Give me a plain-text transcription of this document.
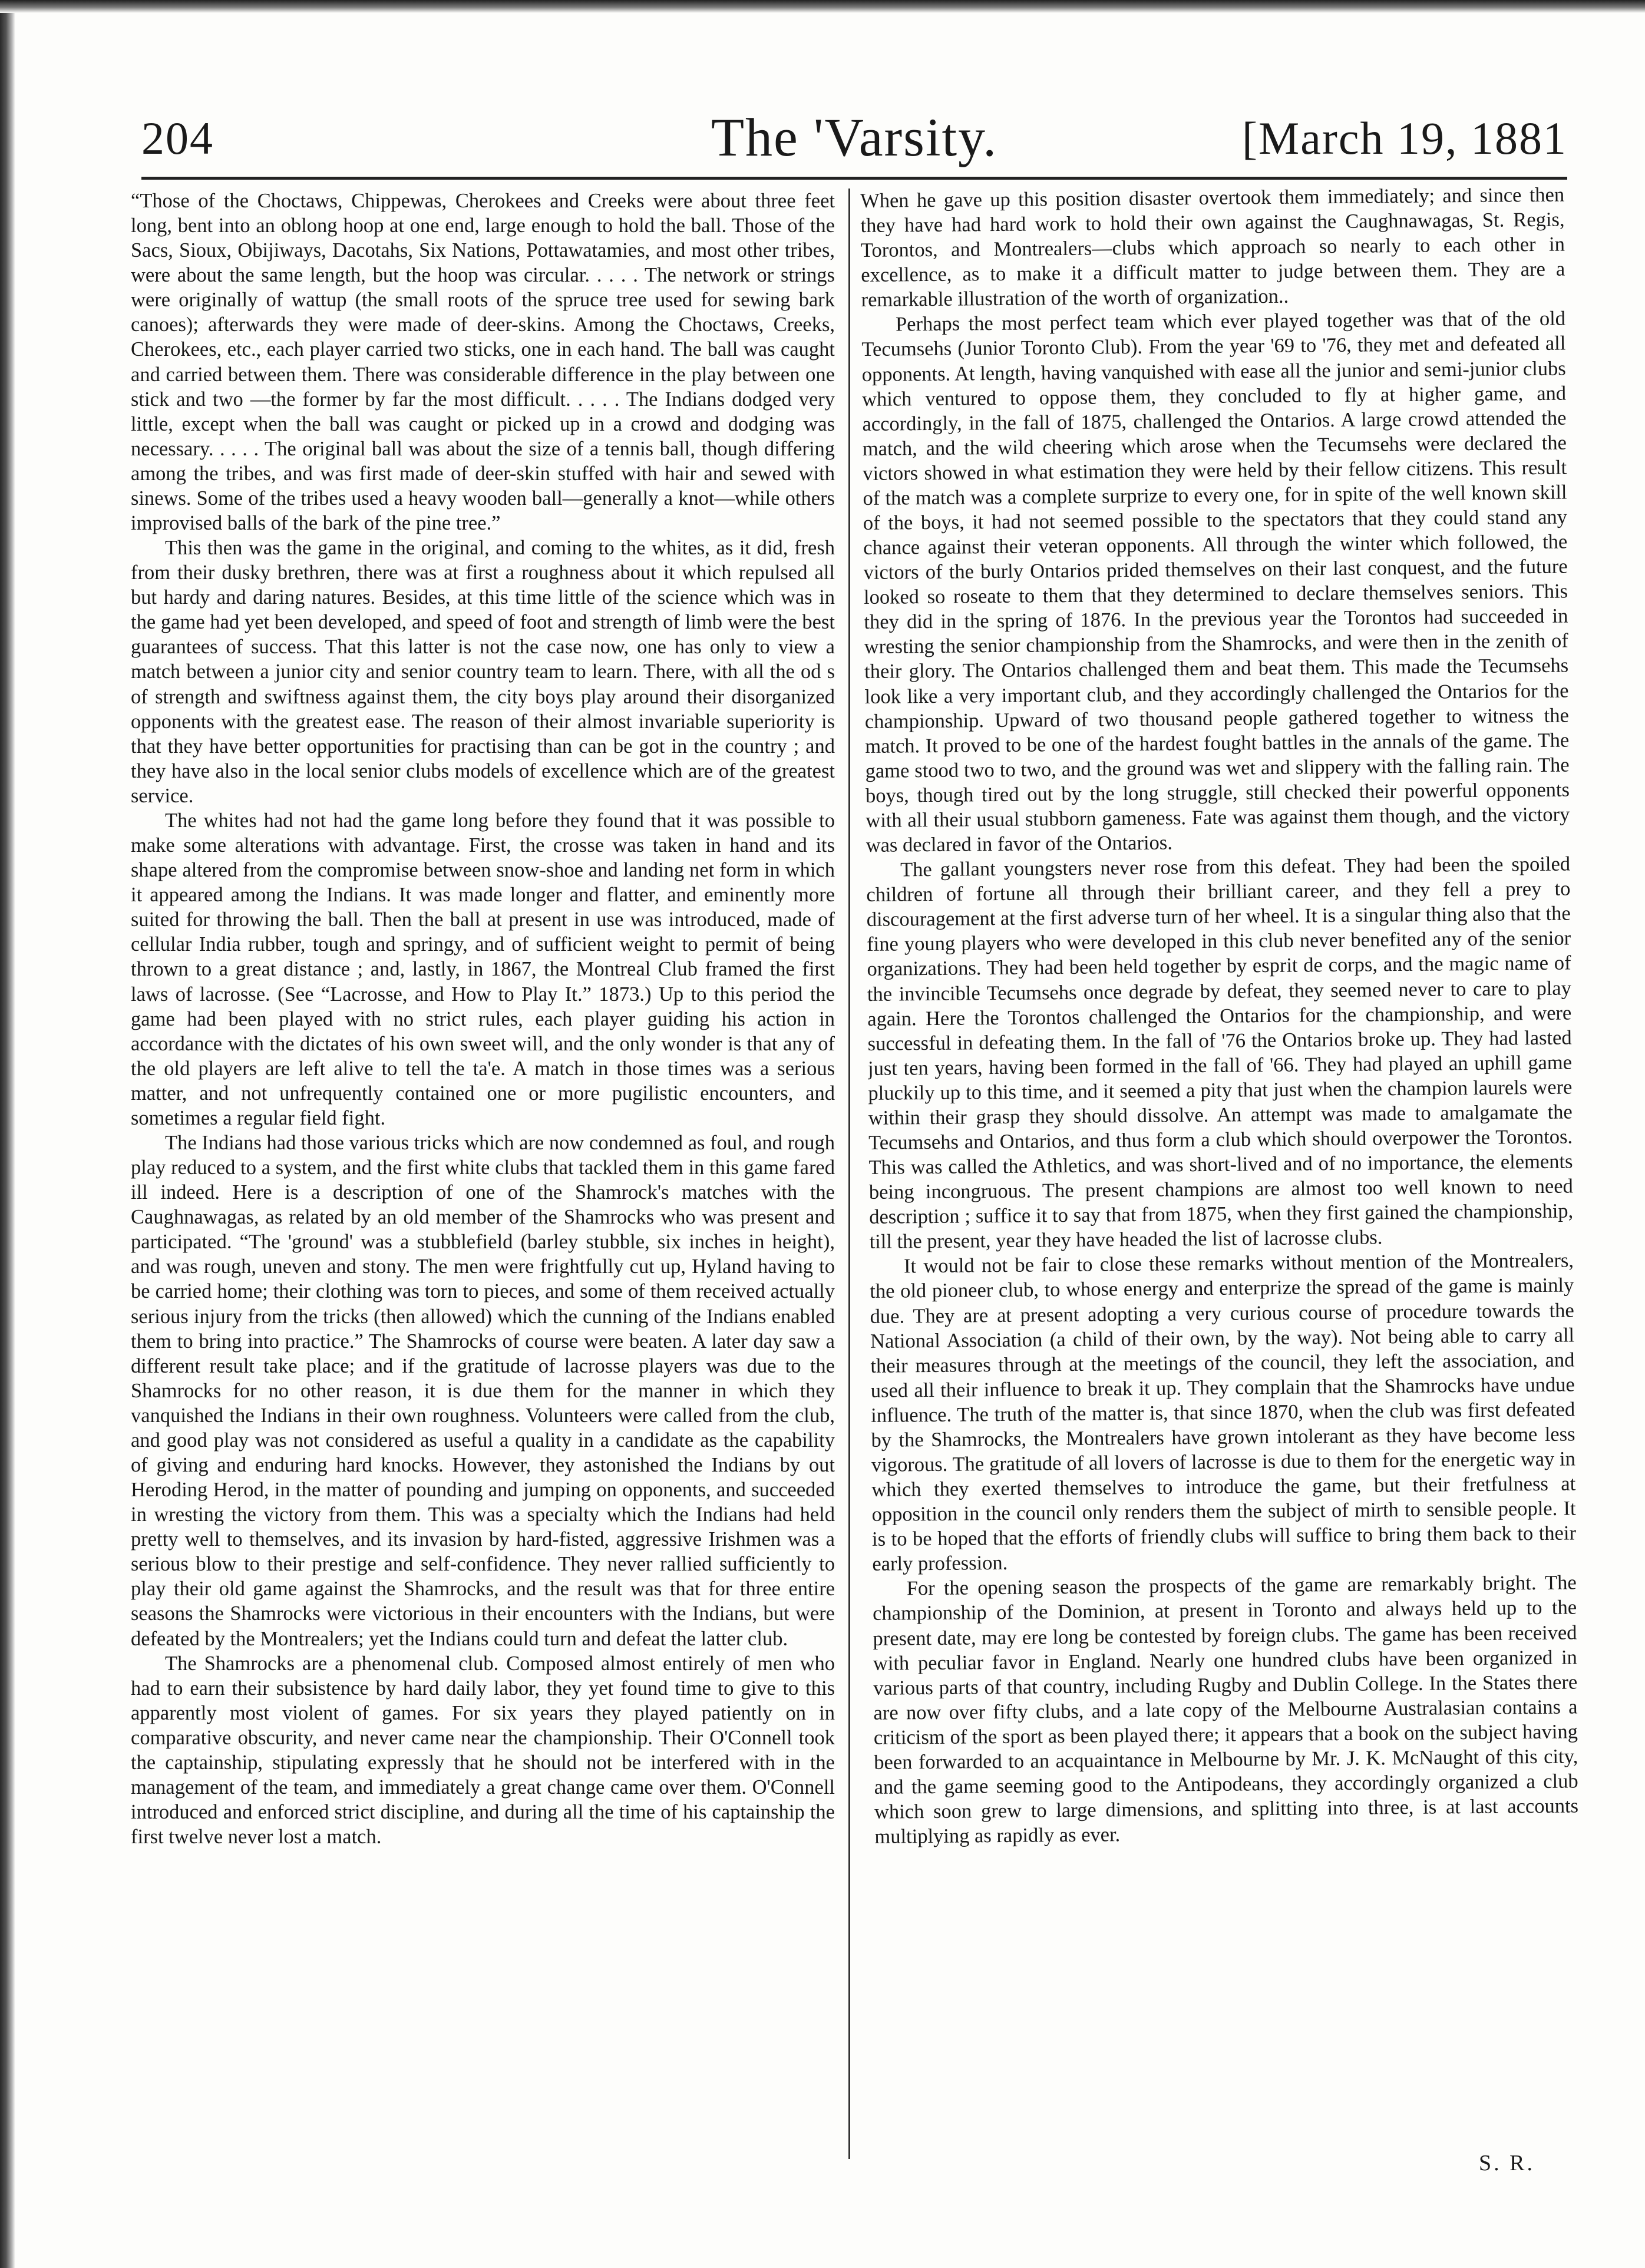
204	The 'Varsity.	[March 19, 1881

“Those of the Choctaws, Chippewas, Cherokees and Creeks were about three feet long, bent into an oblong hoop at one end, large enough to hold the ball. Those of the Sacs, Sioux, Obijiways, Dacotahs, Six Nations, Pottawatamies, and most other tribes, were about the same length, but the hoop was circular. . . . . The network or strings were originally of wattup (the small roots of the spruce tree used for sewing bark canoes); afterwards they were made of deer-skins. Among the Choctaws, Creeks, Cherokees, etc., each player carried two sticks, one in each hand. The ball was caught and carried between them. There was considerable difference in the play between one stick and two —the former by far the most difficult. . . . . The Indians dodged very little, except when the ball was caught or picked up in a crowd and dodging was necessary. . . . . The original ball was about the size of a tennis ball, though differing among the tribes, and was first made of deer-skin stuffed with hair and sewed with sinews. Some of the tribes used a heavy wooden ball—generally a knot—while others improvised balls of the bark of the pine tree.”

This then was the game in the original, and coming to the whites, as it did, fresh from their dusky brethren, there was at first a roughness about it which repulsed all but hardy and daring natures. Besides, at this time little of the science which was in the game had yet been developed, and speed of foot and strength of limb were the best guarantees of success. That this latter is not the case now, one has only to view a match between a junior city and senior country team to learn. There, with all the od s of strength and swiftness against them, the city boys play around their disorganized opponents with the greatest ease. The reason of their almost invariable superiority is that they have better opportunities for practising than can be got in the country ; and they have also in the local senior clubs models of excellence which are of the greatest service.

The whites had not had the game long before they found that it was possible to make some alterations with advantage. First, the crosse was taken in hand and its shape altered from the compromise between snow-shoe and landing net form in which it appeared among the Indians. It was made longer and flatter, and eminently more suited for throwing the ball. Then the ball at present in use was introduced, made of cellular India rubber, tough and springy, and of sufficient weight to permit of being thrown to a great distance ; and, lastly, in 1867, the Montreal Club framed the first laws of lacrosse. (See “Lacrosse, and How to Play It.” 1873.) Up to this period the game had been played with no strict rules, each player guiding his action in accordance with the dictates of his own sweet will, and the only wonder is that any of the old players are left alive to tell the ta'e. A match in those times was a serious matter, and not unfrequently contained one or more pugilistic encounters, and sometimes a regular field fight.

The Indians had those various tricks which are now condemned as foul, and rough play reduced to a system, and the first white clubs that tackled them in this game fared ill indeed. Here is a description of one of the Shamrock's matches with the Caughnawagas, as related by an old member of the Shamrocks who was present and participated. “The 'ground' was a stubblefield (barley stubble, six inches in height), and was rough, uneven and stony. The men were frightfully cut up, Hyland having to be carried home; their clothing was torn to pieces, and some of them received actually serious injury from the tricks (then allowed) which the cunning of the Indians enabled them to bring into practice.” The Shamrocks of course were beaten. A later day saw a different result take place; and if the gratitude of lacrosse players was due to the Shamrocks for no other reason, it is due them for the manner in which they vanquished the Indians in their own roughness. Volunteers were called from the club, and good play was not considered as useful a quality in a candidate as the capability of giving and enduring hard knocks. However, they astonished the Indians by out Heroding Herod, in the matter of pounding and jumping on opponents, and succeeded in wresting the victory from them. This was a specialty which the Indians had held pretty well to themselves, and its invasion by hard-fisted, aggressive Irishmen was a serious blow to their prestige and self-confidence. They never rallied sufficiently to play their old game against the Shamrocks, and the result was that for three entire seasons the Shamrocks were victorious in their encounters with the Indians, but were defeated by the Montrealers; yet the Indians could turn and defeat the latter club.

The Shamrocks are a phenomenal club. Composed almost entirely of men who had to earn their subsistence by hard daily labor, they yet found time to give to this apparently most violent of games. For six years they played patiently on in comparative obscurity, and never came near the championship. Their O'Connell took the captainship, stipulating expressly that he should not be interfered with in the management of the team, and immediately a great change came over them. O'Connell introduced and enforced strict discipline, and during all the time of his captainship the first twelve never lost a match.

When he gave up this position disaster overtook them immediately; and since then they have had hard work to hold their own against the Caughnawagas, St. Regis, Torontos, and Montrealers—clubs which approach so nearly to each other in excellence, as to make it a difficult matter to judge between them. They are a remarkable illustration of the worth of organization..

Perhaps the most perfect team which ever played together was that of the old Tecumsehs (Junior Toronto Club). From the year '69 to '76, they met and defeated all opponents. At length, having vanquished with ease all the junior and semi-junior clubs which ventured to oppose them, they concluded to fly at higher game, and accordingly, in the fall of 1875, challenged the Ontarios. A large crowd attended the match, and the wild cheering which arose when the Tecumsehs were declared the victors showed in what estimation they were held by their fellow citizens. This result of the match was a complete surprize to every one, for in spite of the well known skill of the boys, it had not seemed possible to the spectators that they could stand any chance against their veteran opponents. All through the winter which followed, the victors of the burly Ontarios prided themselves on their last conquest, and the future looked so roseate to them that they determined to declare themselves seniors. This they did in the spring of 1876. In the previous year the Torontos had succeeded in wresting the senior championship from the Shamrocks, and were then in the zenith of their glory. The Ontarios challenged them and beat them. This made the Tecumsehs look like a very important club, and they accordingly challenged the Ontarios for the championship. Upward of two thousand people gathered together to witness the match. It proved to be one of the hardest fought battles in the annals of the game. The game stood two to two, and the ground was wet and slippery with the falling rain. The boys, though tired out by the long struggle, still checked their powerful opponents with all their usual stubborn gameness. Fate was against them though, and the victory was declared in favor of the Ontarios.

The gallant youngsters never rose from this defeat. They had been the spoiled children of fortune all through their brilliant career, and they fell a prey to discouragement at the first adverse turn of her wheel. It is a singular thing also that the fine young players who were developed in this club never benefited any of the senior organizations. They had been held together by esprit de corps, and the magic name of the invincible Tecumsehs once degrade by defeat, they seemed never to care to play again. Here the Torontos challenged the Ontarios for the championship, and were successful in defeating them. In the fall of '76 the Ontarios broke up. They had lasted just ten years, having been formed in the fall of '66. They had played an uphill game pluckily up to this time, and it seemed a pity that just when the champion laurels were within their grasp they should dissolve. An attempt was made to amalgamate the Tecumsehs and Ontarios, and thus form a club which should overpower the Torontos. This was called the Athletics, and was short-lived and of no importance, the elements being incongruous. The present champions are almost too well known to need description ; suffice it to say that from 1875, when they first gained the championship, till the present, year they have headed the list of lacrosse clubs.

It would not be fair to close these remarks without mention of the Montrealers, the old pioneer club, to whose energy and enterprize the spread of the game is mainly due. They are at present adopting a very curious course of procedure towards the National Association (a child of their own, by the way). Not being able to carry all their measures through at the meetings of the council, they left the association, and used all their influence to break it up. They complain that the Shamrocks have undue influence. The truth of the matter is, that since 1870, when the club was first defeated by the Shamrocks, the Montrealers have grown intolerant as they have become less vigorous. The gratitude of all lovers of lacrosse is due to them for the energetic way in which they exerted themselves to introduce the game, but their fretfulness at opposition in the council only renders them the subject of mirth to sensible people. It is to be hoped that the efforts of friendly clubs will suffice to bring them back to their early profession.

For the opening season the prospects of the game are remarkably bright. The championship of the Dominion, at present in Toronto and always held up to the present date, may ere long be contested by foreign clubs. The game has been received with peculiar favor in England. Nearly one hundred clubs have been organized in various parts of that country, including Rugby and Dublin College. In the States there are now over fifty clubs, and a late copy of the Melbourne Australasian contains a criticism of the sport as been played there; it appears that a book on the subject having been forwarded to an acquaintance in Melbourne by Mr. J. K. McNaught of this city, and the game seeming good to the Antipodeans, they accordingly organized a club which soon grew to large dimensions, and splitting into three, is at last accounts multiplying as rapidly as ever.

S. R.
